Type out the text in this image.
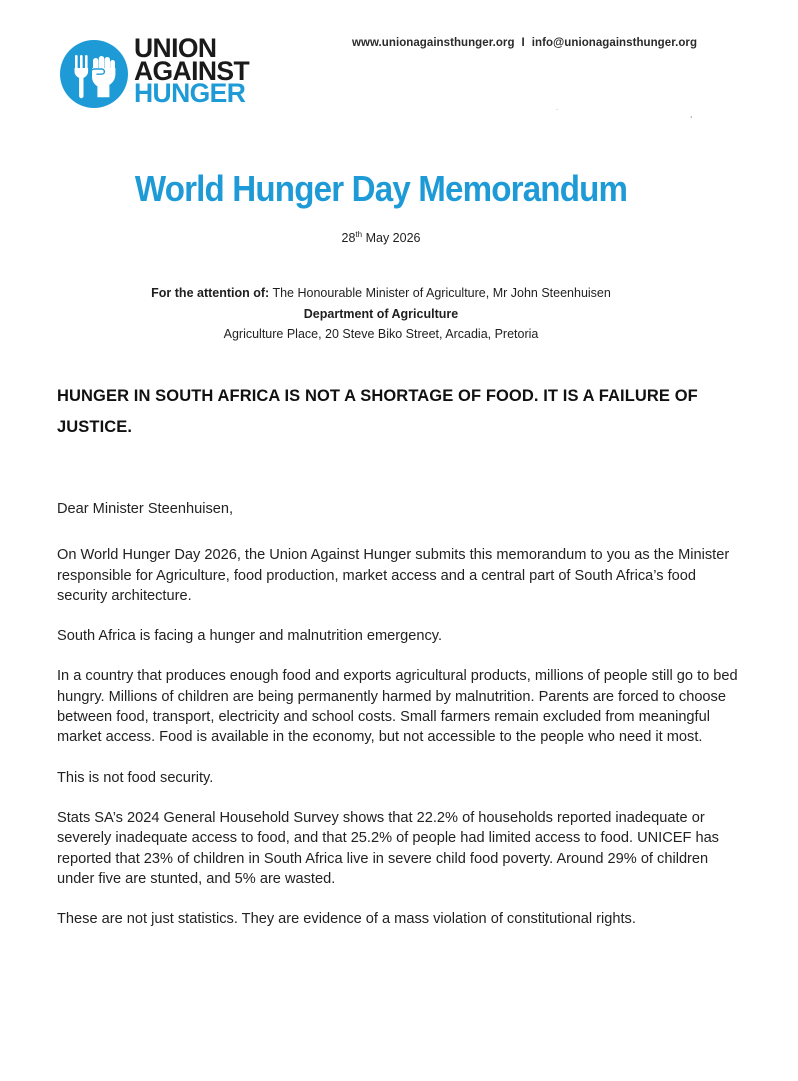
UNION
AGAINST
HUNGER
www.unionagainsthunger.org I info@unionagainsthunger.org
˙	¸
World Hunger Day Memorandum
28th May 2026
For the attention of: The Honourable Minister of Agriculture, Mr John Steenhuisen
Department of Agriculture
Agriculture Place, 20 Steve Biko Street, Arcadia, Pretoria
HUNGER IN SOUTH AFRICA IS NOT A SHORTAGE OF FOOD. IT IS A FAILURE OF JUSTICE.

Dear Minister Steenhuisen,

On World Hunger Day 2026, the Union Against Hunger submits this memorandum to you as the Minister responsible for Agriculture, food production, market access and a central part of South Africa’s food security architecture.

South Africa is facing a hunger and malnutrition emergency.

In a country that produces enough food and exports agricultural products, millions of people still go to bed hungry. Millions of children are being permanently harmed by malnutrition. Parents are forced to choose between food, transport, electricity and school costs. Small farmers remain excluded from meaningful market access. Food is available in the economy, but not accessible to the people who need it most.

This is not food security.

Stats SA’s 2024 General Household Survey shows that 22.2% of households reported inadequate or severely inadequate access to food, and that 25.2% of people had limited access to food. UNICEF has reported that 23% of children in South Africa live in severe child food poverty. Around 29% of children under five are stunted, and 5% are wasted.

These are not just statistics. They are evidence of a mass violation of constitutional rights.
